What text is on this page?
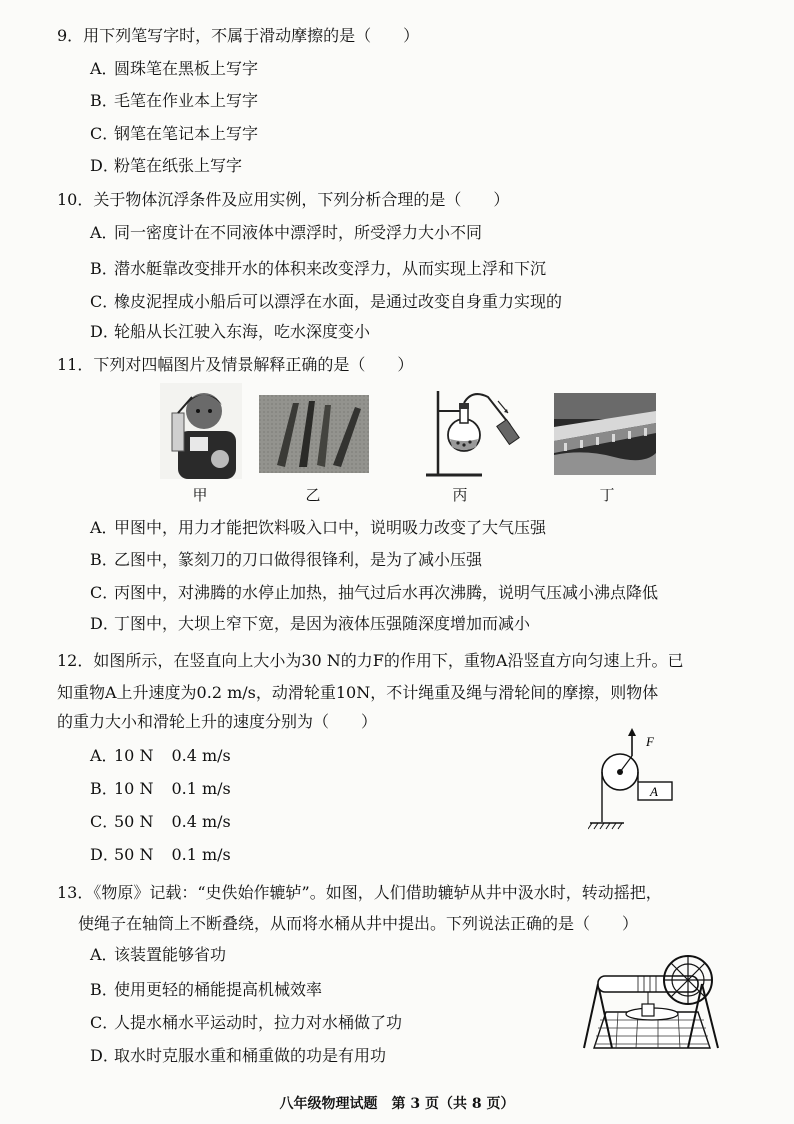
9．用下列笔写字时，不属于滑动摩擦的是（　　）
A．圆珠笔在黑板上写字
B．毛笔在作业本上写字
C．钢笔在笔记本上写字
D．粉笔在纸张上写字
10．关于物体沉浮条件及应用实例，下列分析合理的是（　　）
A．同一密度计在不同液体中漂浮时，所受浮力大小不同
B．潜水艇靠改变排开水的体积来改变浮力，从而实现上浮和下沉
C．橡皮泥捏成小船后可以漂浮在水面，是通过改变自身重力实现的
D．轮船从长江驶入东海，吃水深度变小
11．下列对四幅图片及情景解释正确的是（　　）
甲	乙	丙	丁
A．甲图中，用力才能把饮料吸入口中，说明吸力改变了大气压强
B．乙图中，篆刻刀的刀口做得很锋利，是为了减小压强
C．丙图中，对沸腾的水停止加热，抽气过后水再次沸腾，说明气压减小沸点降低
D．丁图中，大坝上窄下宽，是因为液体压强随深度增加而减小
12．如图所示，在竖直向上大小为30 N的力F的作用下，重物A沿竖直方向匀速上升。已
知重物A上升速度为0.2 m/s，动滑轮重10N，不计绳重及绳与滑轮间的摩擦，则物体
的重力大小和滑轮上升的速度分别为（　　）
A．10 N 0.4 m/s
B．10 N 0.1 m/s
C．50 N 0.4 m/s
D．50 N 0.1 m/s
F
A
13．《物原》记载：“史佚始作辘轳”。如图，人们借助辘轳从井中汲水时，转动摇把，
使绳子在轴筒上不断叠绕，从而将水桶从井中提出。下列说法正确的是（　　）
A．该装置能够省功
B．使用更轻的桶能提高机械效率
C．人提水桶水平运动时，拉力对水桶做了功
D．取水时克服水重和桶重做的功是有用功
八年级物理试题　第 3 页（共 8 页）
